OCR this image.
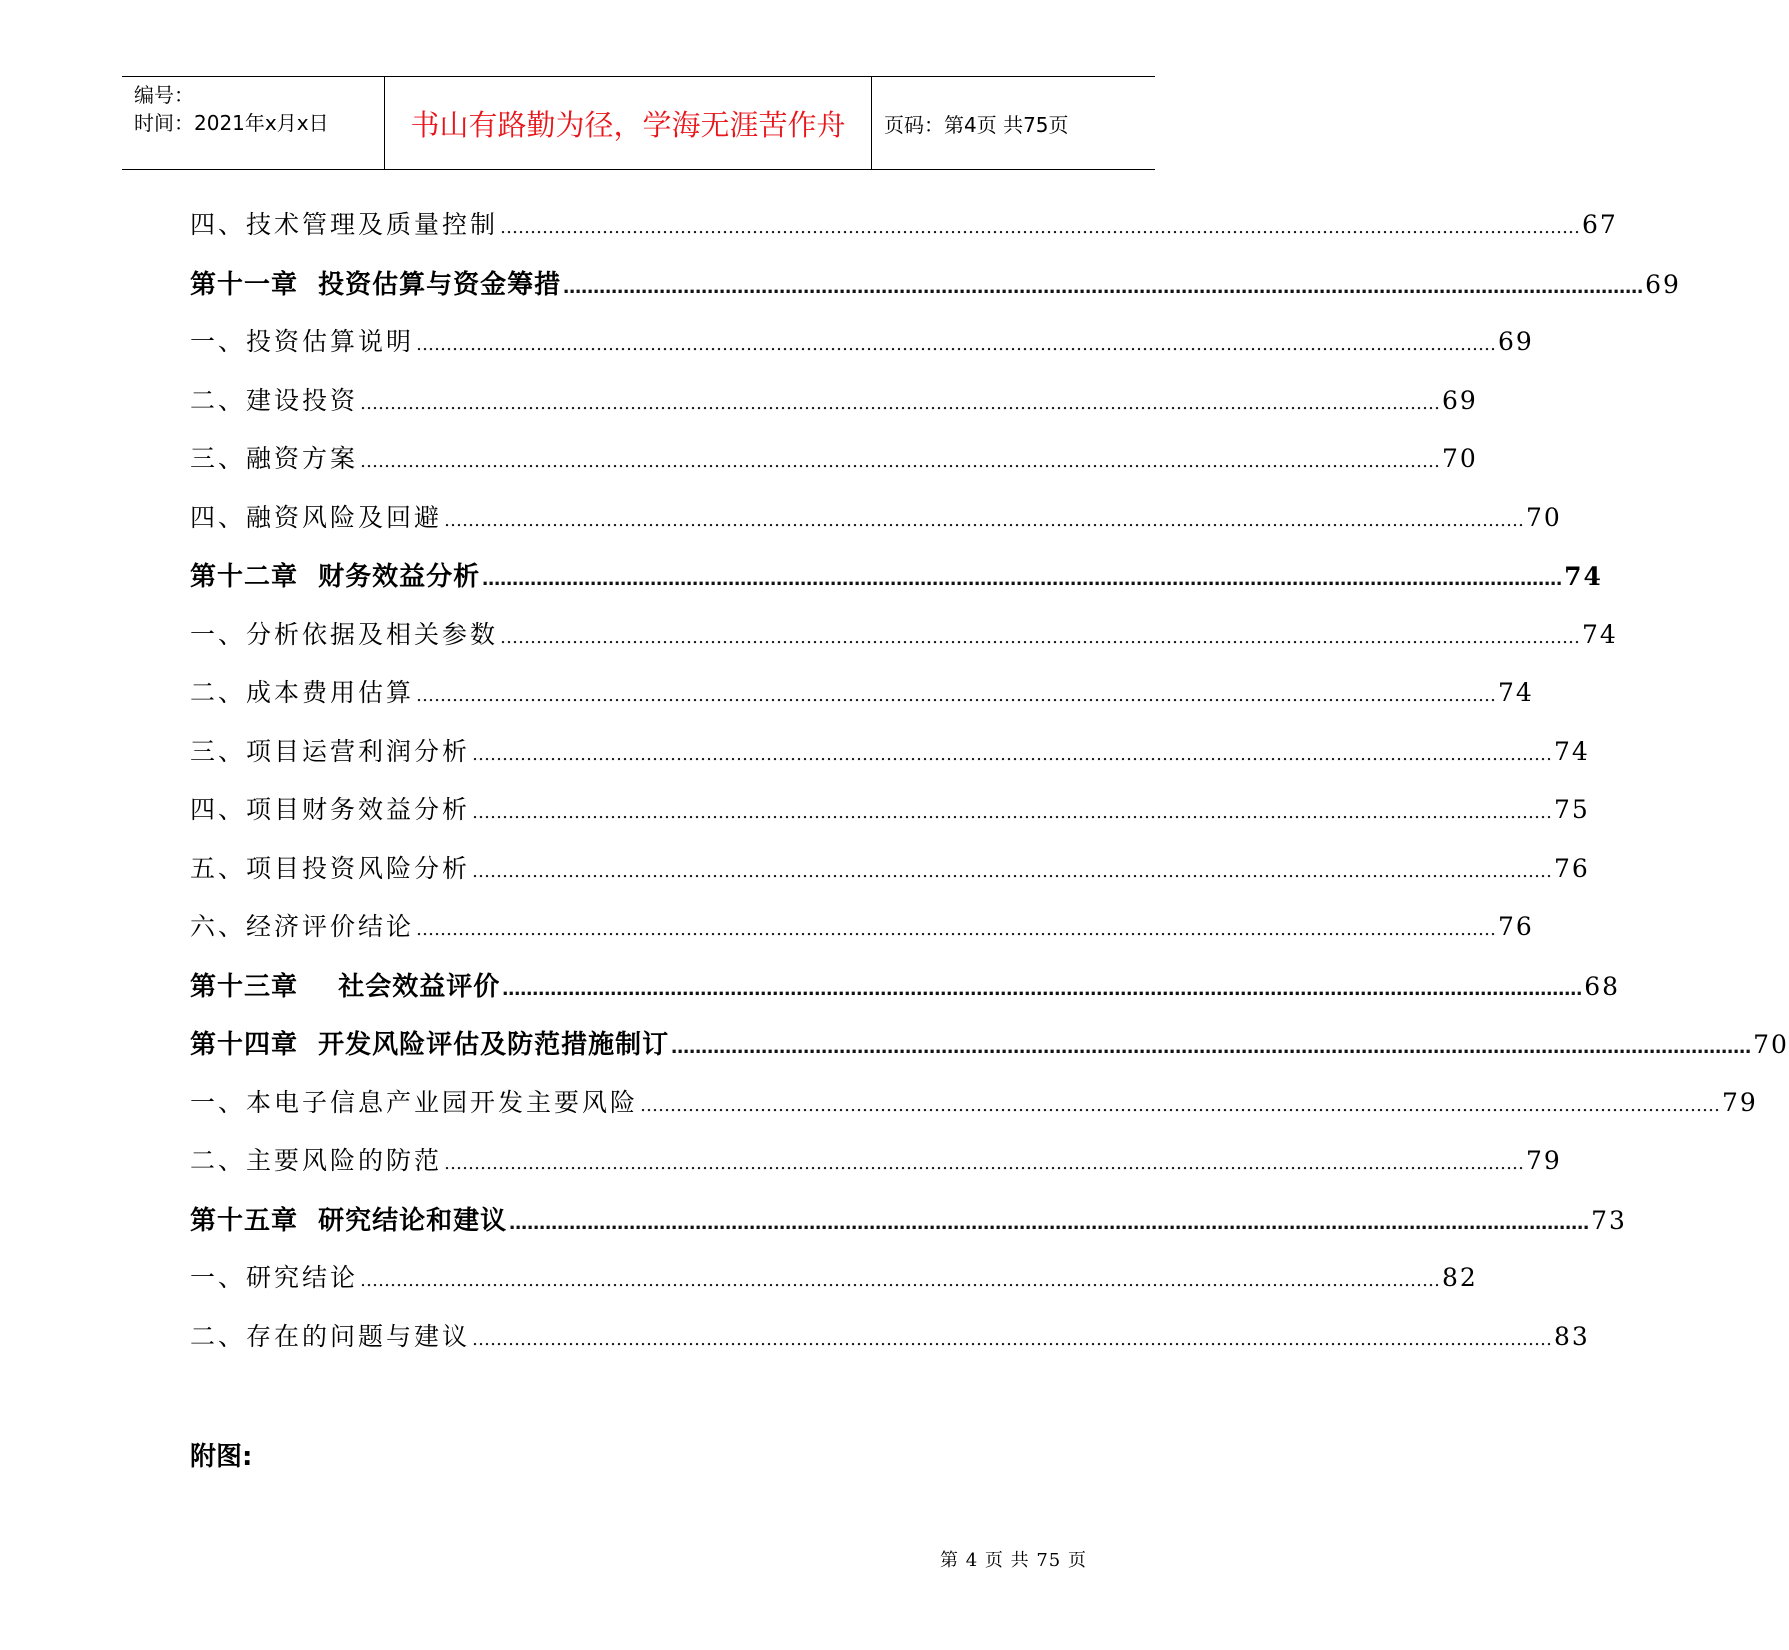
编号：
时间：2021年x月x日	书山有路勤为径，学海无涯苦作舟	页码：第4页 共75页
四、技术管理及质量控制 ……………………………………………………………………………………………………………………………………………………………… 67
第十一章  投资估算与资金筹措 ……………………………………………………………………………………………………………………………………………………………… 69
一、投资估算说明 ……………………………………………………………………………………………………………………………………………………………… 69
二、建设投资 ……………………………………………………………………………………………………………………………………………………………… 69
三、融资方案 ……………………………………………………………………………………………………………………………………………………………… 70
四、融资风险及回避 ……………………………………………………………………………………………………………………………………………………………… 70
第十二章  财务效益分析 ……………………………………………………………………………………………………………………………………………………………… 74
一、分析依据及相关参数 ……………………………………………………………………………………………………………………………………………………………… 74
二、成本费用估算 ……………………………………………………………………………………………………………………………………………………………… 74
三、项目运营利润分析 ……………………………………………………………………………………………………………………………………………………………… 74
四、项目财务效益分析 ……………………………………………………………………………………………………………………………………………………………… 75
五、项目投资风险分析 ……………………………………………………………………………………………………………………………………………………………… 76
六、经济评价结论 ……………………………………………………………………………………………………………………………………………………………… 76
第十三章    社会效益评价 ……………………………………………………………………………………………………………………………………………………………… 68
第十四章  开发风险评估及防范措施制订 ……………………………………………………………………………………………………………………………………………………………… 70
一、本电子信息产业园开发主要风险 ……………………………………………………………………………………………………………………………………………………………… 79
二、主要风险的防范 ……………………………………………………………………………………………………………………………………………………………… 79
第十五章  研究结论和建议 ……………………………………………………………………………………………………………………………………………………………… 73
一、研究结论 ……………………………………………………………………………………………………………………………………………………………… 82
二、存在的问题与建议 ……………………………………………………………………………………………………………………………………………………………… 83
附图:
第 4 页 共 75 页
